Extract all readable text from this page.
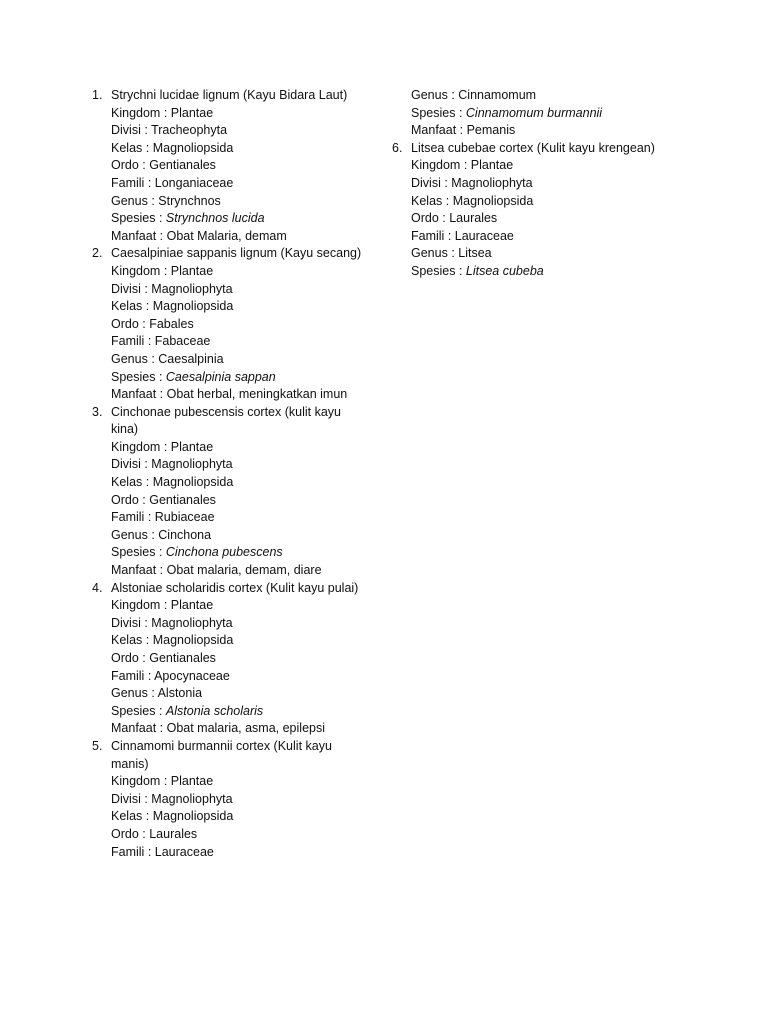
1. Strychni lucidae lignum (Kayu Bidara Laut)
Kingdom : Plantae
Divisi : Tracheophyta
Kelas : Magnoliopsida
Ordo : Gentianales
Famili : Longaniaceae
Genus : Strynchnos
Spesies : Strynchnos lucida
Manfaat : Obat Malaria, demam
2. Caesalpiniae sappanis lignum (Kayu secang)
Kingdom : Plantae
Divisi : Magnoliophyta
Kelas : Magnoliopsida
Ordo : Fabales
Famili : Fabaceae
Genus : Caesalpinia
Spesies : Caesalpinia sappan
Manfaat : Obat herbal, meningkatkan imun
3. Cinchonae pubescensis cortex (kulit kayu kina)
Kingdom : Plantae
Divisi : Magnoliophyta
Kelas : Magnoliopsida
Ordo : Gentianales
Famili : Rubiaceae
Genus : Cinchona
Spesies : Cinchona pubescens
Manfaat : Obat malaria, demam, diare
4. Alstoniae scholaridis cortex (Kulit kayu pulai)
Kingdom : Plantae
Divisi : Magnoliophyta
Kelas : Magnoliopsida
Ordo : Gentianales
Famili : Apocynaceae
Genus : Alstonia
Spesies : Alstonia scholaris
Manfaat : Obat malaria, asma, epilepsi
5. Cinnamomi burmannii cortex (Kulit kayu manis)
Kingdom : Plantae
Divisi : Magnoliophyta
Kelas : Magnoliopsida
Ordo : Laurales
Famili : Lauraceae
Genus : Cinnamomum
Spesies : Cinnamomum burmannii
Manfaat : Pemanis
6. Litsea cubebae cortex (Kulit kayu krengean)
Kingdom : Plantae
Divisi : Magnoliophyta
Kelas : Magnoliopsida
Ordo : Laurales
Famili : Lauraceae
Genus : Litsea
Spesies : Litsea cubeba
